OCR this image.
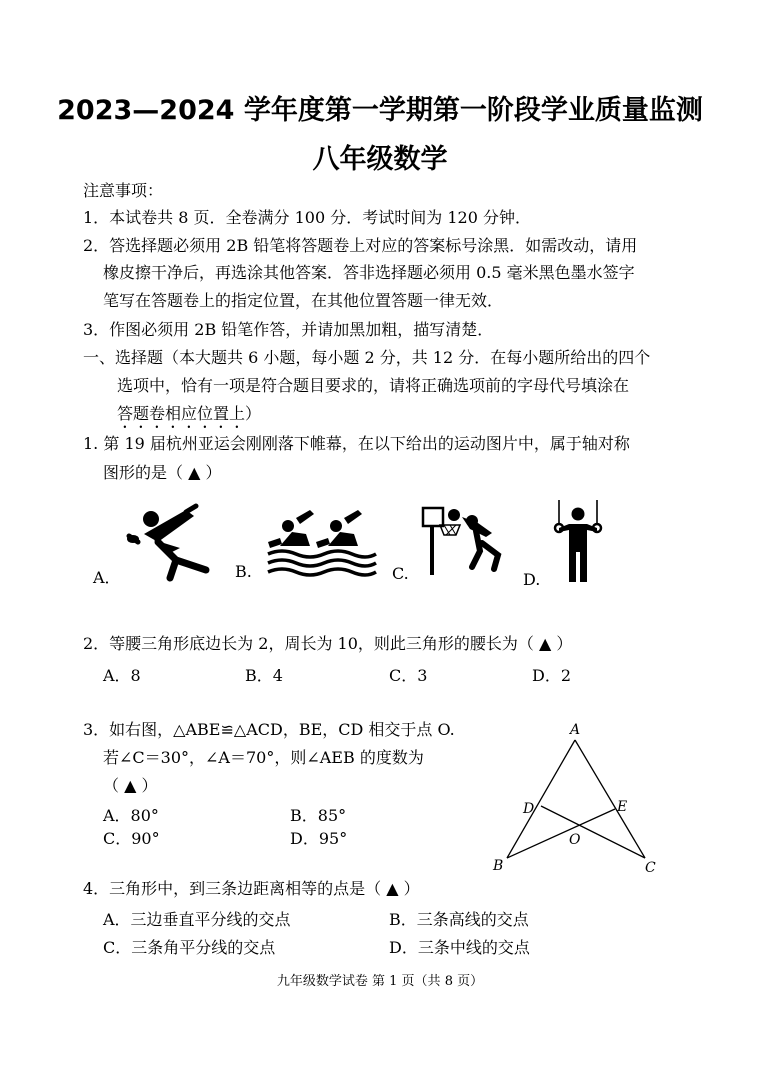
2023—2024 学年度第一学期第一阶段学业质量监测
八年级数学
注意事项：
1．本试卷共 8 页．全卷满分 100 分．考试时间为 120 分钟．
2．答选择题必须用 2B 铅笔将答题卷上对应的答案标号涂黑．如需改动，请用
橡皮擦干净后，再选涂其他答案．答非选择题必须用 0.5 毫米黑色墨水签字
笔写在答题卷上的指定位置，在其他位置答题一律无效．
3．作图必须用 2B 铅笔作答，并请加黑加粗，描写清楚．
一、选择题（本大题共 6 小题，每小题 2 分，共 12 分．在每小题所给出的四个
选项中，恰有一项是符合题目要求的，请将正确选项前的字母代号填涂在
答题卷相应位置上）
1. 第 19 届杭州亚运会刚刚落下帷幕，在以下给出的运动图片中，属于轴对称
图形的是（ ▲ ）
A．	B.	C.	D.
2．等腰三角形底边长为 2，周长为 10，则此三角形的腰长为（ ▲ ）
A．8	B．4	C．3	D．2
3．如右图，△ABE≌△ACD，BE，CD 相交于点 O.
若∠C＝30°，∠A＝70°，则∠AEB 的度数为
（ ▲ ）
A．80°	B．85°
C．90°	D．95°
A
B	C
D	E
O
4．三角形中，到三条边距离相等的点是（ ▲ ）
A．三边垂直平分线的交点	B．三条高线的交点
C．三条角平分线的交点	D．三条中线的交点
九年级数学试卷 第 1 页（共 8 页）
